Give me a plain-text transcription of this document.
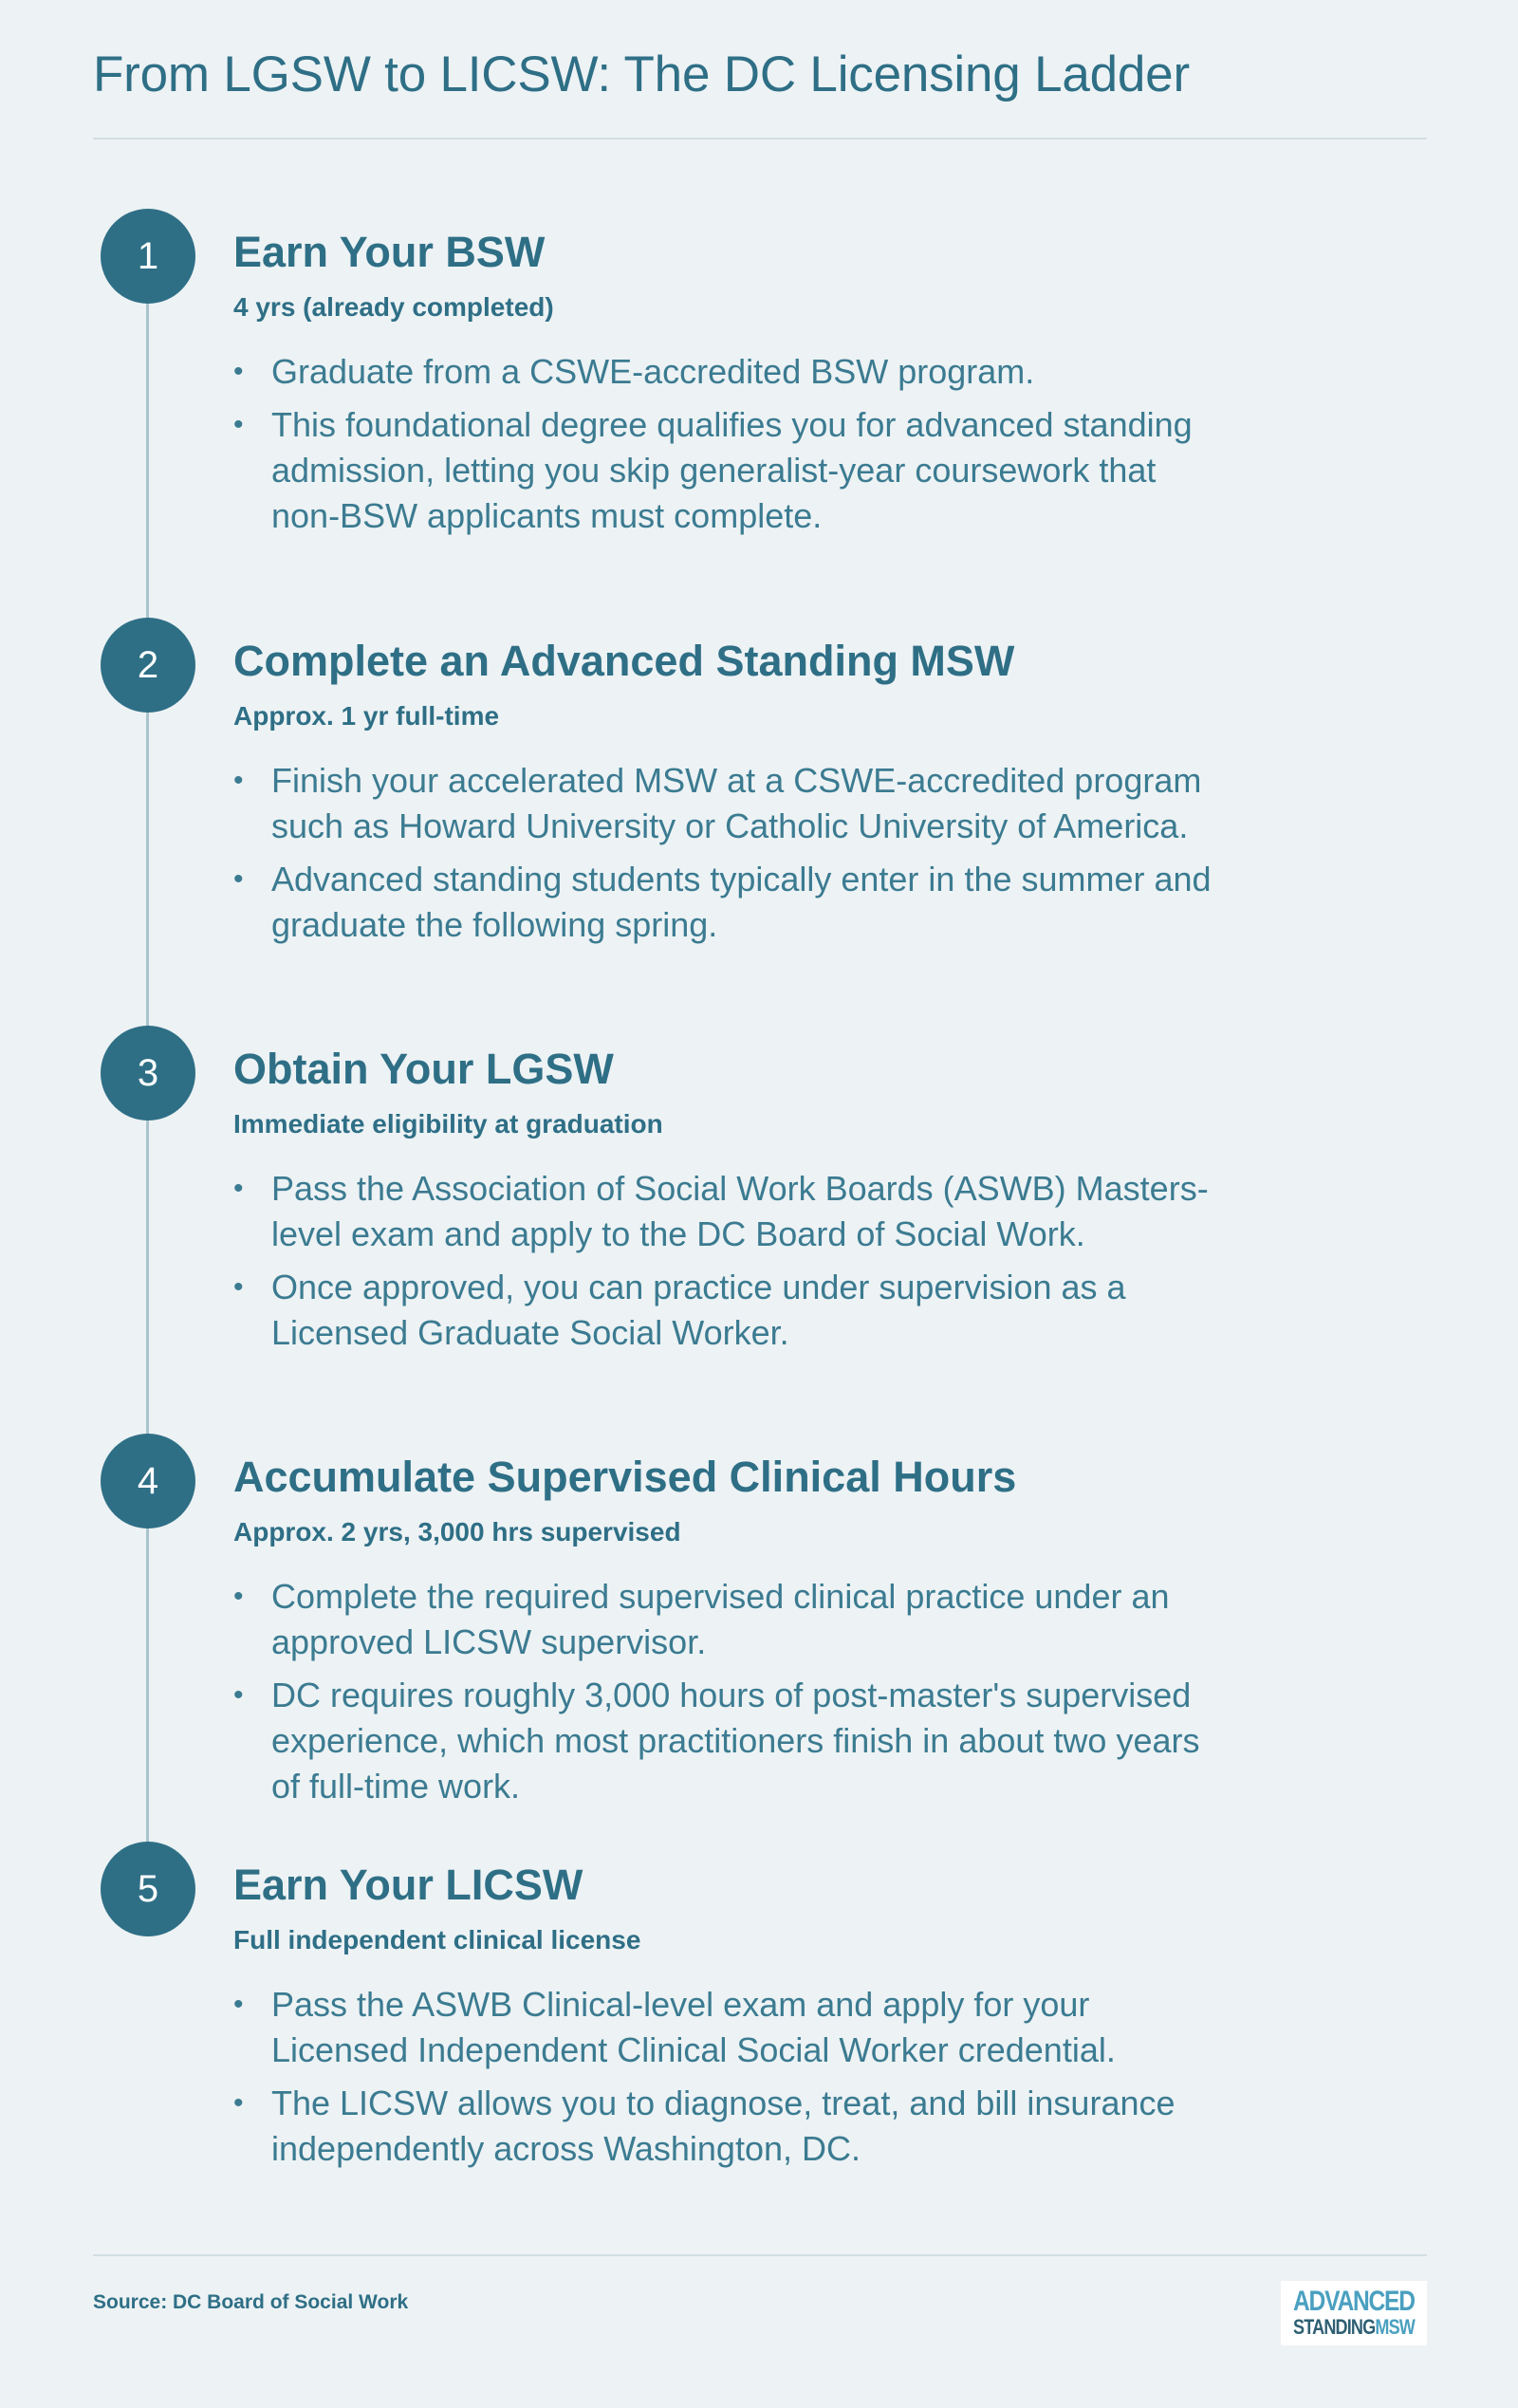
From LGSW to LICSW: The DC Licensing Ladder
1	Earn Your BSW
4 yrs (already completed)
• Graduate from a CSWE-accredited BSW program.
• This foundational degree qualifies you for advanced standing admission, letting you skip generalist-year coursework that non-BSW applicants must complete.
2	Complete an Advanced Standing MSW
Approx. 1 yr full-time
• Finish your accelerated MSW at a CSWE-accredited program such as Howard University or Catholic University of America.
• Advanced standing students typically enter in the summer and graduate the following spring.
3	Obtain Your LGSW
Immediate eligibility at graduation
• Pass the Association of Social Work Boards (ASWB) Masters-level exam and apply to the DC Board of Social Work.
• Once approved, you can practice under supervision as a Licensed Graduate Social Worker.
4	Accumulate Supervised Clinical Hours
Approx. 2 yrs, 3,000 hrs supervised
• Complete the required supervised clinical practice under an approved LICSW supervisor.
• DC requires roughly 3,000 hours of post-master's supervised experience, which most practitioners finish in about two years of full-time work.
5	Earn Your LICSW
Full independent clinical license
• Pass the ASWB Clinical-level exam and apply for your Licensed Independent Clinical Social Worker credential.
• The LICSW allows you to diagnose, treat, and bill insurance independently across Washington, DC.
Source: DC Board of Social Work	ADVANCED
STANDINGMSW
